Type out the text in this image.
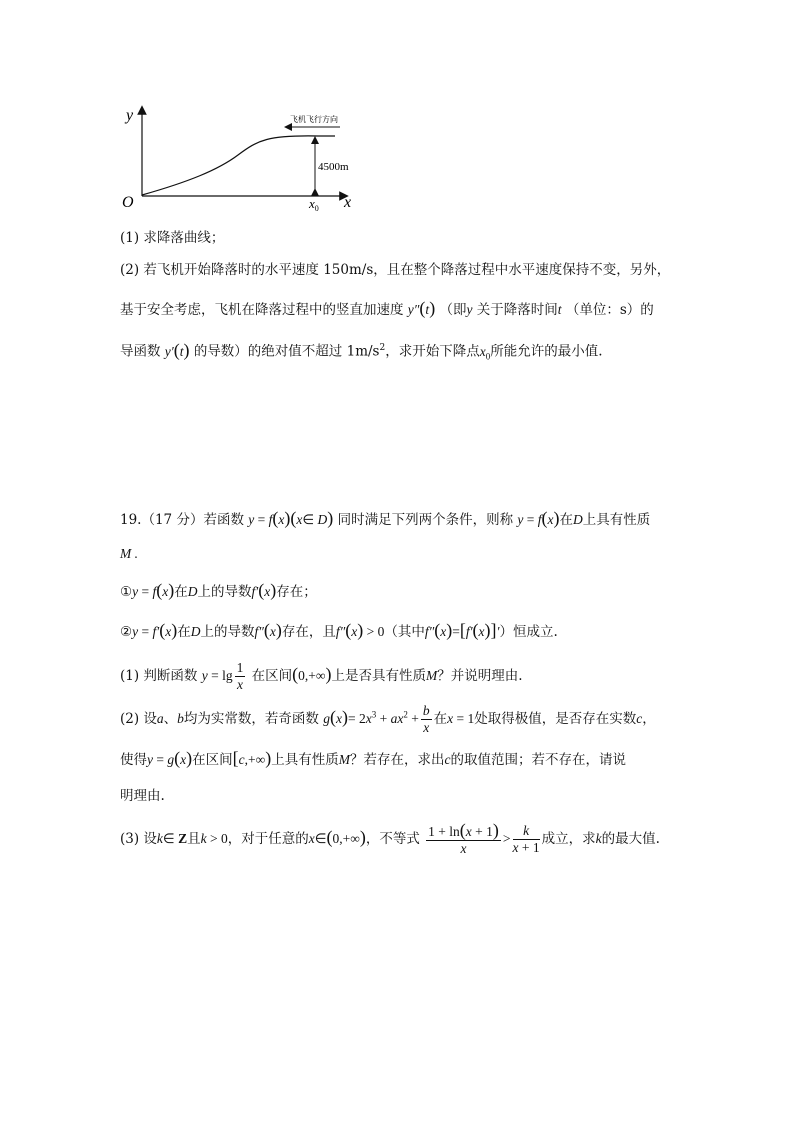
y
x
O
4500m
飞机飞行方向
$x_0$
(1) 求降落曲线；
(2) 若飞机开始降落时的水平速度 150m/s，且在整个降落过程中水平速度保持不变，另外，
基于安全考虑，飞机在降落过程中的竖直加速度 y″(t) （即y 关于降落时间t （单位：s）的
导函数 y′(t) 的导数）的绝对值不超过 $1m/s^2$，求开始下降点$x_0$所能允许的最小值.
19.（17 分）若函数 y = f(x)(x∈ D) 同时满足下列两个条件，则称 y = f(x)在D上具有性质
M .
①y = f(x)在D上的导数f′(x)存在；
②y = f′(x)在D上的导数f″(x)存在，且f″(x) > 0（其中f″(x)=[f′(x)]′）恒成立.
(1) 判断函数 $y = \lg \frac{1}{x}$ 在区间(0,+∞)上是否具有性质M？并说明理由.
(2) 设a、b均为实常数，若奇函数 $g(x)= 2x^3 + ax^2 + \frac{b}{x}$ 在x = 1处取得极值，是否存在实数c，
使得y = g(x)在区间[c,+∞)上具有性质M？若存在，求出c的取值范围；若不存在，请说
明理由.
(3) 设k∈ Z且k > 0，对于任意的x∈(0,+∞)，不等式 $\frac{1 + \ln(x + 1)}{x} > \frac{k}{x + 1}$ 成立，求k的最大值.
